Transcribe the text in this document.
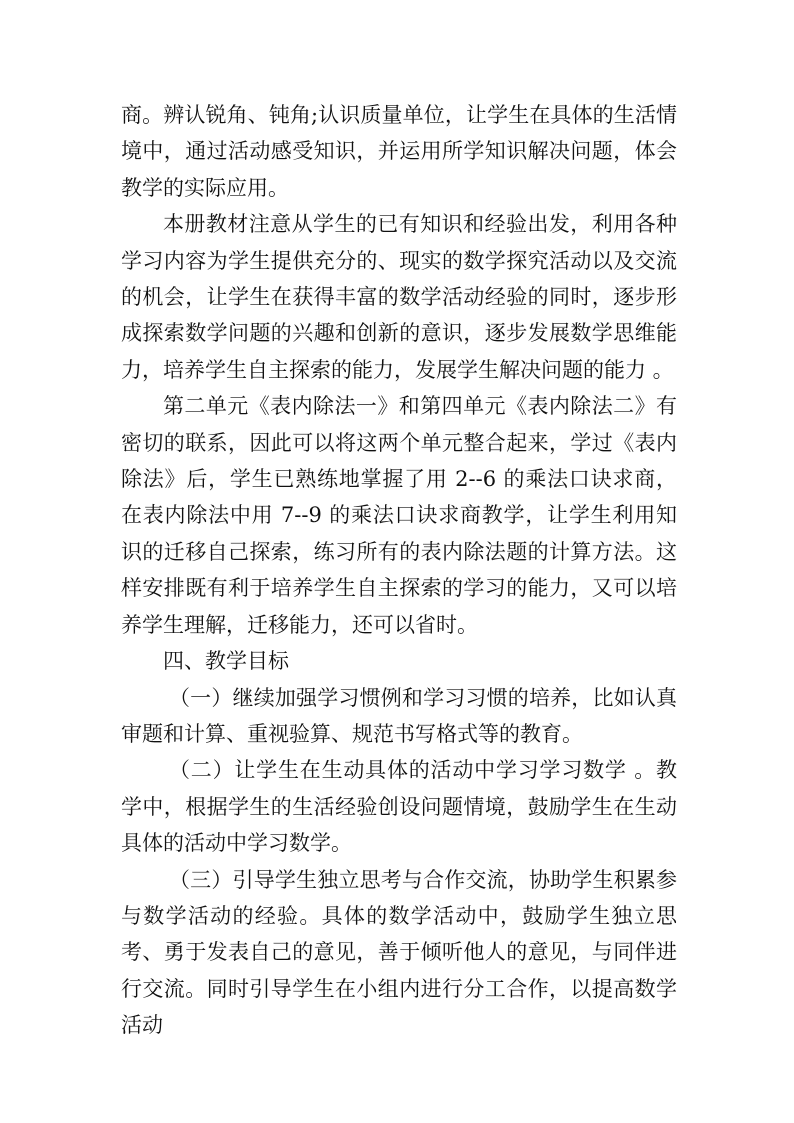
商。辨认锐角、钝角;认识质量单位，让学生在具体的生活情境中，通过活动感受知识，并运用所学知识解决问题，体会教学的实际应用。

本册教材注意从学生的已有知识和经验出发，利用各种学习内容为学生提供充分的、现实的数学探究活动以及交流的机会，让学生在获得丰富的数学活动经验的同时，逐步形成探索数学问题的兴趣和创新的意识，逐步发展数学思维能力，培养学生自主探索的能力，发展学生解决问题的能力 。

第二单元《表内除法一》和第四单元《表内除法二》有密切的联系，因此可以将这两个单元整合起来，学过《表内除法》后，学生已熟练地掌握了用 2--6 的乘法口诀求商，在表内除法中用 7--9 的乘法口诀求商教学，让学生利用知识的迁移自己探索，练习所有的表内除法题的计算方法。这样安排既有利于培养学生自主探索的学习的能力，又可以培养学生理解，迁移能力，还可以省时。

四、教学目标

（一）继续加强学习惯例和学习习惯的培养，比如认真审题和计算、重视验算、规范书写格式等的教育。

（二）让学生在生动具体的活动中学习学习数学 。教学中，根据学生的生活经验创设问题情境，鼓励学生在生动具体的活动中学习数学。

（三）引导学生独立思考与合作交流，协助学生积累参与数学活动的经验。具体的数学活动中，鼓励学生独立思考、勇于发表自己的意见，善于倾听他人的意见，与同伴进行交流。同时引导学生在小组内进行分工合作，以提高数学活动
